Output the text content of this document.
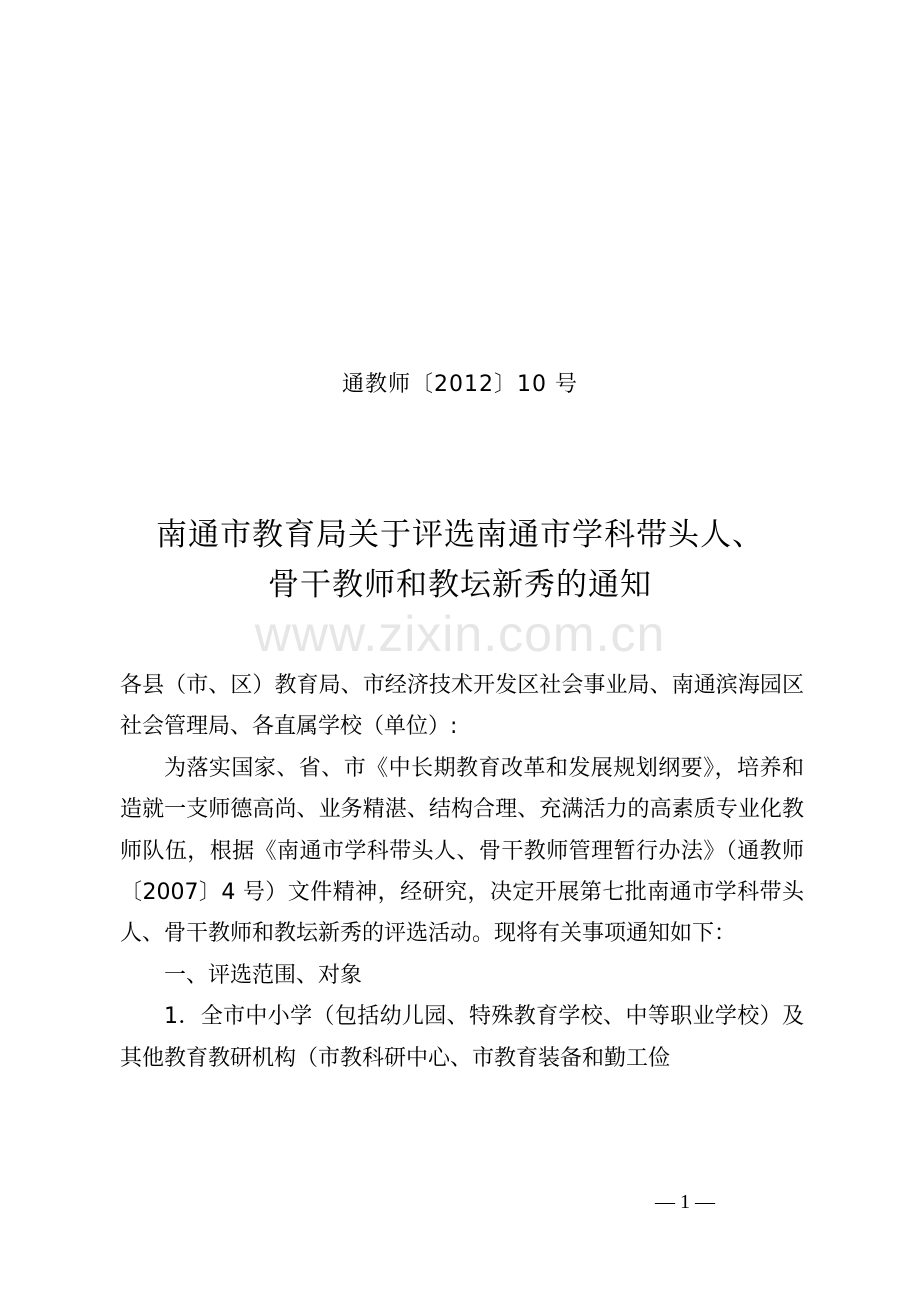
通教师〔2012〕10 号
南通市教育局关于评选南通市学科带头人、
骨干教师和教坛新秀的通知
www.zixin.com.cn

各县（市、区）教育局、市经济技术开发区社会事业局、南通滨海园区社会管理局、各直属学校（单位）:

为落实国家、省、市《中长期教育改革和发展规划纲要》，培养和造就一支师德高尚、业务精湛、结构合理、充满活力的高素质专业化教师队伍，根据《南通市学科带头人、骨干教师管理暂行办法》（通教师〔2007〕4 号）文件精神，经研究，决定开展第七批南通市学科带头人、骨干教师和教坛新秀的评选活动。现将有关事项通知如下：

一、评选范围、对象

1．全市中小学（包括幼儿园、特殊教育学校、中等职业学校）及其他教育教研机构（市教科研中心、市教育装备和勤工俭

— 1 —
